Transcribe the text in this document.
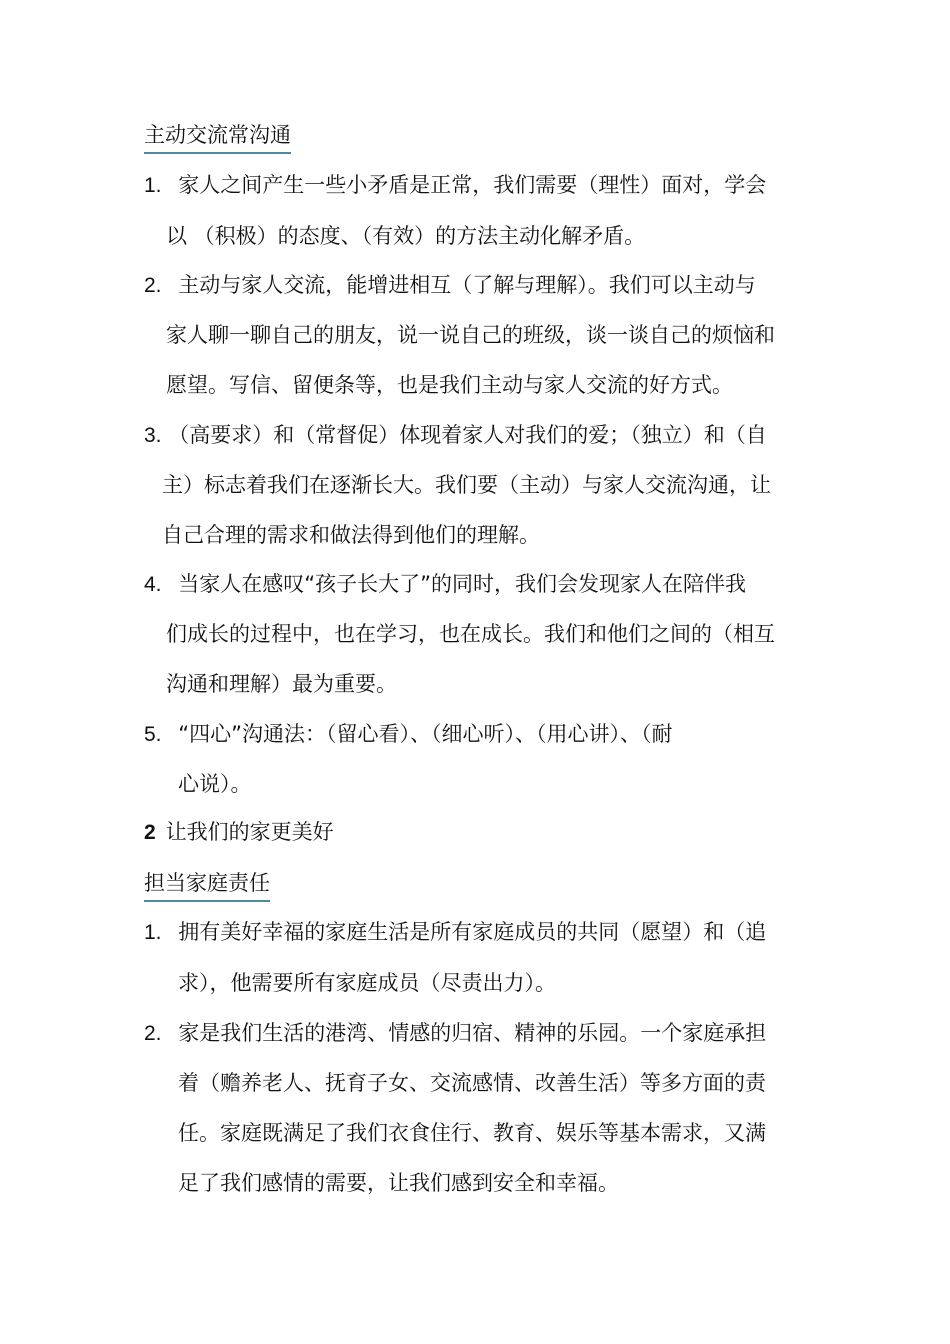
主动交流常沟通
1. 家人之间产生一些小矛盾是正常，我们需要（理性）面对，学会
以 （积极）的态度、（有效）的方法主动化解矛盾。
2. 主动与家人交流，能增进相互（了解与理解）。我们可以主动与
家人聊一聊自己的朋友，说一说自己的班级，谈一谈自己的烦恼和
愿望。写信、留便条等，也是我们主动与家人交流的好方式。
3. （高要求）和（常督促）体现着家人对我们的爱；（独立）和（自
主）标志着我们在逐渐长大。我们要（主动）与家人交流沟通，让
自己合理的需求和做法得到他们的理解。
4. 当家人在感叹“孩子长大了”的同时，我们会发现家人在陪伴我
们成长的过程中，也在学习，也在成长。我们和他们之间的（相互
沟通和理解）最为重要。
5. “四心”沟通法：（留心看）、（细心听）、（用心讲）、（耐
心说）。
2 让我们的家更美好
担当家庭责任
1. 拥有美好幸福的家庭生活是所有家庭成员的共同（愿望）和（追
求），他需要所有家庭成员（尽责出力）。
2. 家是我们生活的港湾、情感的归宿、精神的乐园。一个家庭承担
着（赡养老人、抚育子女、交流感情、改善生活）等多方面的责
任。家庭既满足了我们衣食住行、教育、娱乐等基本需求，又满
足了我们感情的需要，让我们感到安全和幸福。
